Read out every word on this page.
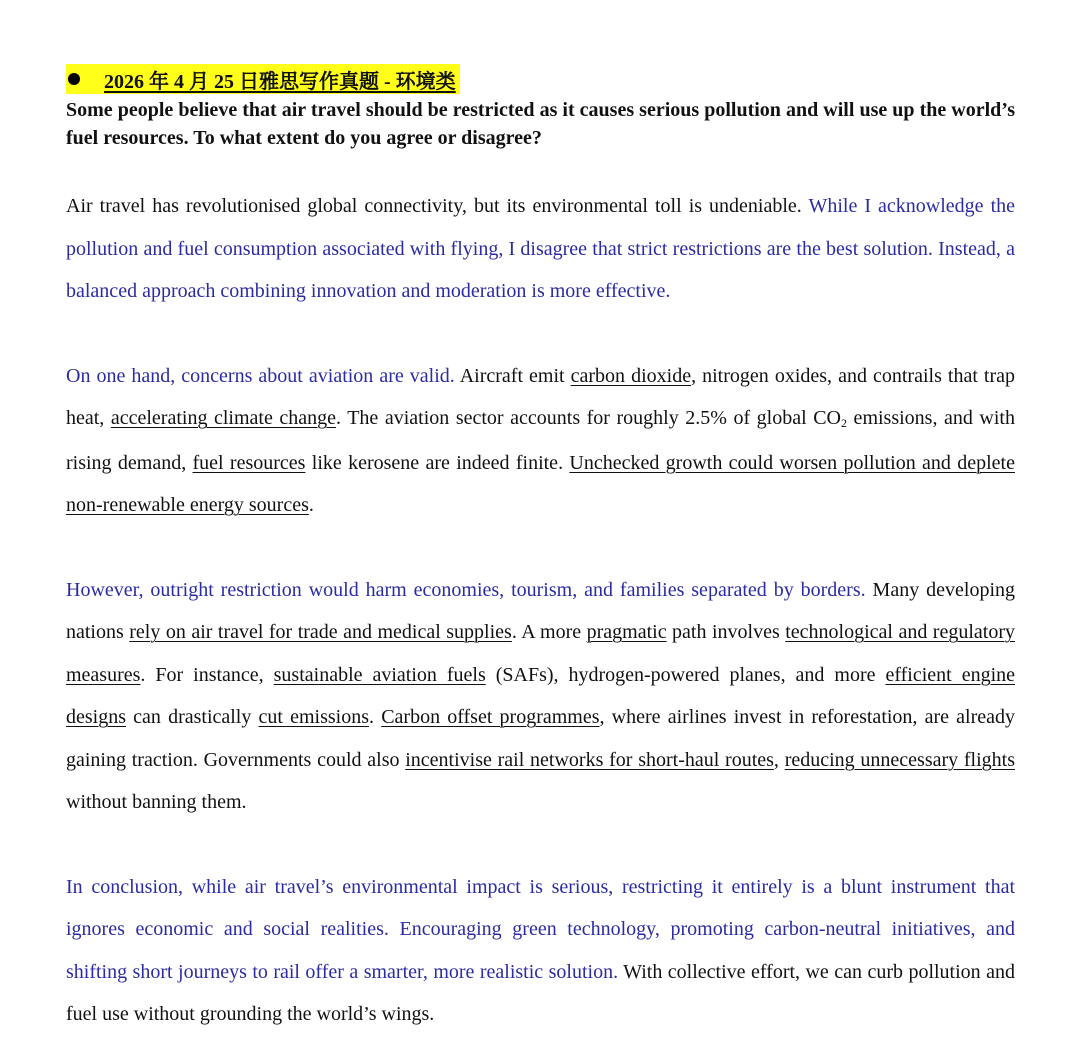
2026 年 4 月 25 日雅思写作真题 - 环境类

Some people believe that air travel should be restricted as it causes serious pollution and will use up the world’s fuel resources. To what extent do you agree or disagree?

Air travel has revolutionised global connectivity, but its environmental toll is undeniable. While I acknowledge the pollution and fuel consumption associated with flying, I disagree that strict restrictions are the best solution. Instead, a balanced approach combining innovation and moderation is more effective.

On one hand, concerns about aviation are valid. Aircraft emit carbon dioxide, nitrogen oxides, and contrails that trap heat, accelerating climate change. The aviation sector accounts for roughly 2.5% of global $CO_2$ emissions, and with rising demand, fuel resources like kerosene are indeed finite. Unchecked growth could worsen pollution and deplete non-renewable energy sources.

However, outright restriction would harm economies, tourism, and families separated by borders. Many developing nations rely on air travel for trade and medical supplies. A more pragmatic path involves technological and regulatory measures. For instance, sustainable aviation fuels (SAFs), hydrogen-powered planes, and more efficient engine designs can drastically cut emissions. Carbon offset programmes, where airlines invest in reforestation, are already gaining traction. Governments could also incentivise rail networks for short-haul routes, reducing unnecessary flights without banning them.

In conclusion, while air travel’s environmental impact is serious, restricting it entirely is a blunt instrument that ignores economic and social realities. Encouraging green technology, promoting carbon-neutral initiatives, and shifting short journeys to rail offer a smarter, more realistic solution. With collective effort, we can curb pollution and fuel use without grounding the world’s wings.
